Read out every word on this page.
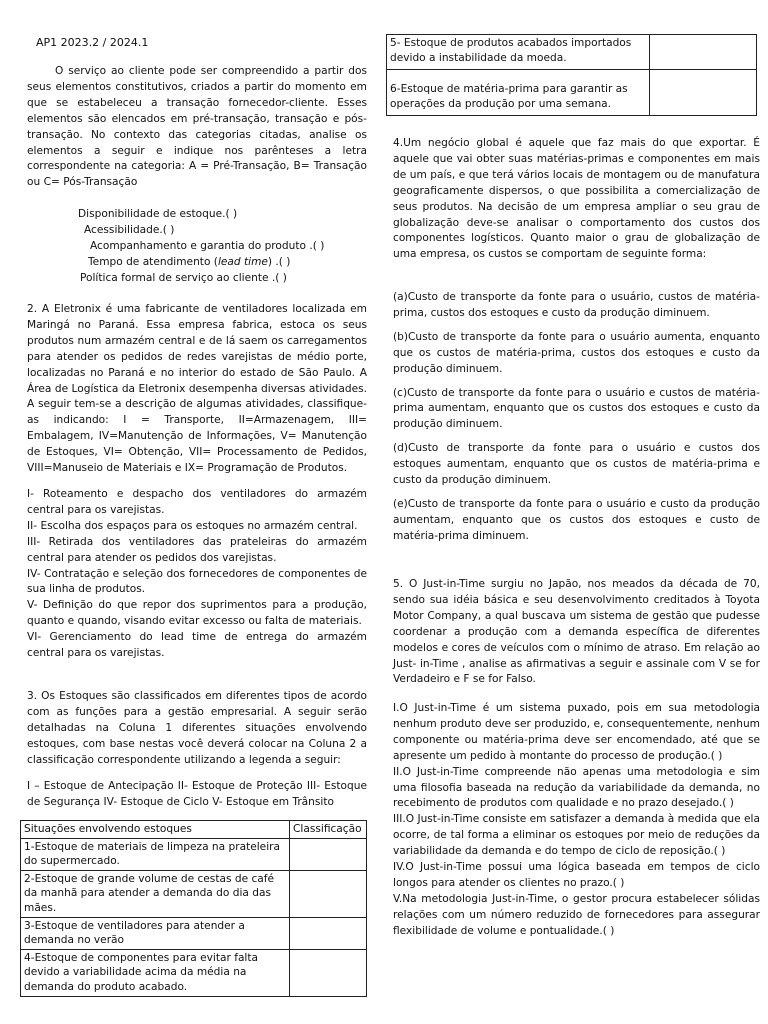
AP1 2023.2 / 2024.1

O serviço ao cliente pode ser compreendido a partir dos seus elementos constitutivos, criados a partir do momento em que se estabeleceu a transação fornecedor-cliente. Esses elementos são elencados em pré-transação, transação e pós-transação. No contexto das categorias citadas, analise os elementos a seguir e indique nos parênteses a letra correspondente na categoria: A = Pré-Transação, B= Transação ou C= Pós-Transação

Disponibilidade de estoque.( )
Acessibilidade.( )
Acompanhamento e garantia do produto .( )
Tempo de atendimento (lead time) .( )
Política formal de serviço ao cliente .( )

2. A Eletronix é uma fabricante de ventiladores localizada em Maringá no Paraná. Essa empresa fabrica, estoca os seus produtos num armazém central e de lá saem os carregamentos para atender os pedidos de redes varejistas de médio porte, localizadas no Paraná e no interior do estado de São Paulo. A Área de Logística da Eletronix desempenha diversas atividades. A seguir tem-se a descrição de algumas atividades, classifique-as indicando: I = Transporte, II=Armazenagem, III= Embalagem, IV=Manutenção de Informações, V= Manutenção de Estoques, VI= Obtenção, VII= Processamento de Pedidos, VIII=Manuseio de Materiais e IX= Programação de Produtos.

I- Roteamento e despacho dos ventiladores do armazém central para os varejistas.

II- Escolha dos espaços para os estoques no armazém central.

III- Retirada dos ventiladores das prateleiras do armazém central para atender os pedidos dos varejistas.

IV- Contratação e seleção dos fornecedores de componentes de sua linha de produtos.

V- Definição do que repor dos suprimentos para a produção, quanto e quando, visando evitar excesso ou falta de materiais.

VI- Gerenciamento do lead time de entrega do armazém central para os varejistas.

3. Os Estoques são classificados em diferentes tipos de acordo com as funções para a gestão empresarial. A seguir serão detalhadas na Coluna 1 diferentes situações envolvendo estoques, com base nestas você deverá colocar na Coluna 2 a classificação correspondente utilizando a legenda a seguir:

I – Estoque de Antecipação II- Estoque de Proteção III- Estoque de Segurança IV- Estoque de Ciclo V- Estoque em Trânsito

Situações envolvendo estoques	Classificação
1-Estoque de materiais de limpeza na prateleira do supermercado.	
2-Estoque de grande volume de cestas de café da manhã para atender a demanda do dia das mães.	
3-Estoque de ventiladores para atender a demanda no verão	
4-Estoque de componentes para evitar falta devido a variabilidade acima da média na demanda do produto acabado.	
5- Estoque de produtos acabados importados devido a instabilidade da moeda.	
6-Estoque de matéria-prima para garantir as operações da produção por uma semana.	

4.Um negócio global é aquele que faz mais do que exportar. É aquele que vai obter suas matérias-primas e componentes em mais de um país, e que terá vários locais de montagem ou de manufatura geograficamente dispersos, o que possibilita a comercialização de seus produtos. Na decisão de um empresa ampliar o seu grau de globalização deve-se analisar o comportamento dos custos dos componentes logísticos. Quanto maior o grau de globalização de uma empresa, os custos se comportam de seguinte forma:

(a)Custo de transporte da fonte para o usuário, custos de matéria-prima, custos dos estoques e custo da produção diminuem.

(b)Custo de transporte da fonte para o usuário aumenta, enquanto que os custos de matéria-prima, custos dos estoques e custo da produção diminuem.

(c)Custo de transporte da fonte para o usuário e custos de matéria-prima aumentam, enquanto que os custos dos estoques e custo da produção diminuem.

(d)Custo de transporte da fonte para o usuário e custos dos estoques aumentam, enquanto que os custos de matéria-prima e custo da produção diminuem.

(e)Custo de transporte da fonte para o usuário e custo da produção aumentam, enquanto que os custos dos estoques e custo de matéria-prima diminuem.

5. O Just-in-Time surgiu no Japão, nos meados da década de 70, sendo sua idéia básica e seu desenvolvimento creditados à Toyota Motor Company, a qual buscava um sistema de gestão que pudesse coordenar a produção com a demanda específica de diferentes modelos e cores de veículos com o mínimo de atraso. Em relação ao Just- in-Time , analise as afirmativas a seguir e assinale com V se for Verdadeiro e F se for Falso.

I.O Just-in-Time é um sistema puxado, pois em sua metodologia nenhum produto deve ser produzido, e, consequentemente, nenhum componente ou matéria-prima deve ser encomendado, até que se apresente um pedido à montante do processo de produção.( )

II.O Just-in-Time compreende não apenas uma metodologia e sim uma filosofia baseada na redução da variabilidade da demanda, no recebimento de produtos com qualidade e no prazo desejado.( )

III.O Just-in-Time consiste em satisfazer a demanda à medida que ela ocorre, de tal forma a eliminar os estoques por meio de reduções da variabilidade da demanda e do tempo de ciclo de reposição.( )

IV.O Just-in-Time possui uma lógica baseada em tempos de ciclo longos para atender os clientes no prazo.( )

V.Na metodologia Just-in-Time, o gestor procura estabelecer sólidas relações com um número reduzido de fornecedores para assegurar flexibilidade de volume e pontualidade.( )
